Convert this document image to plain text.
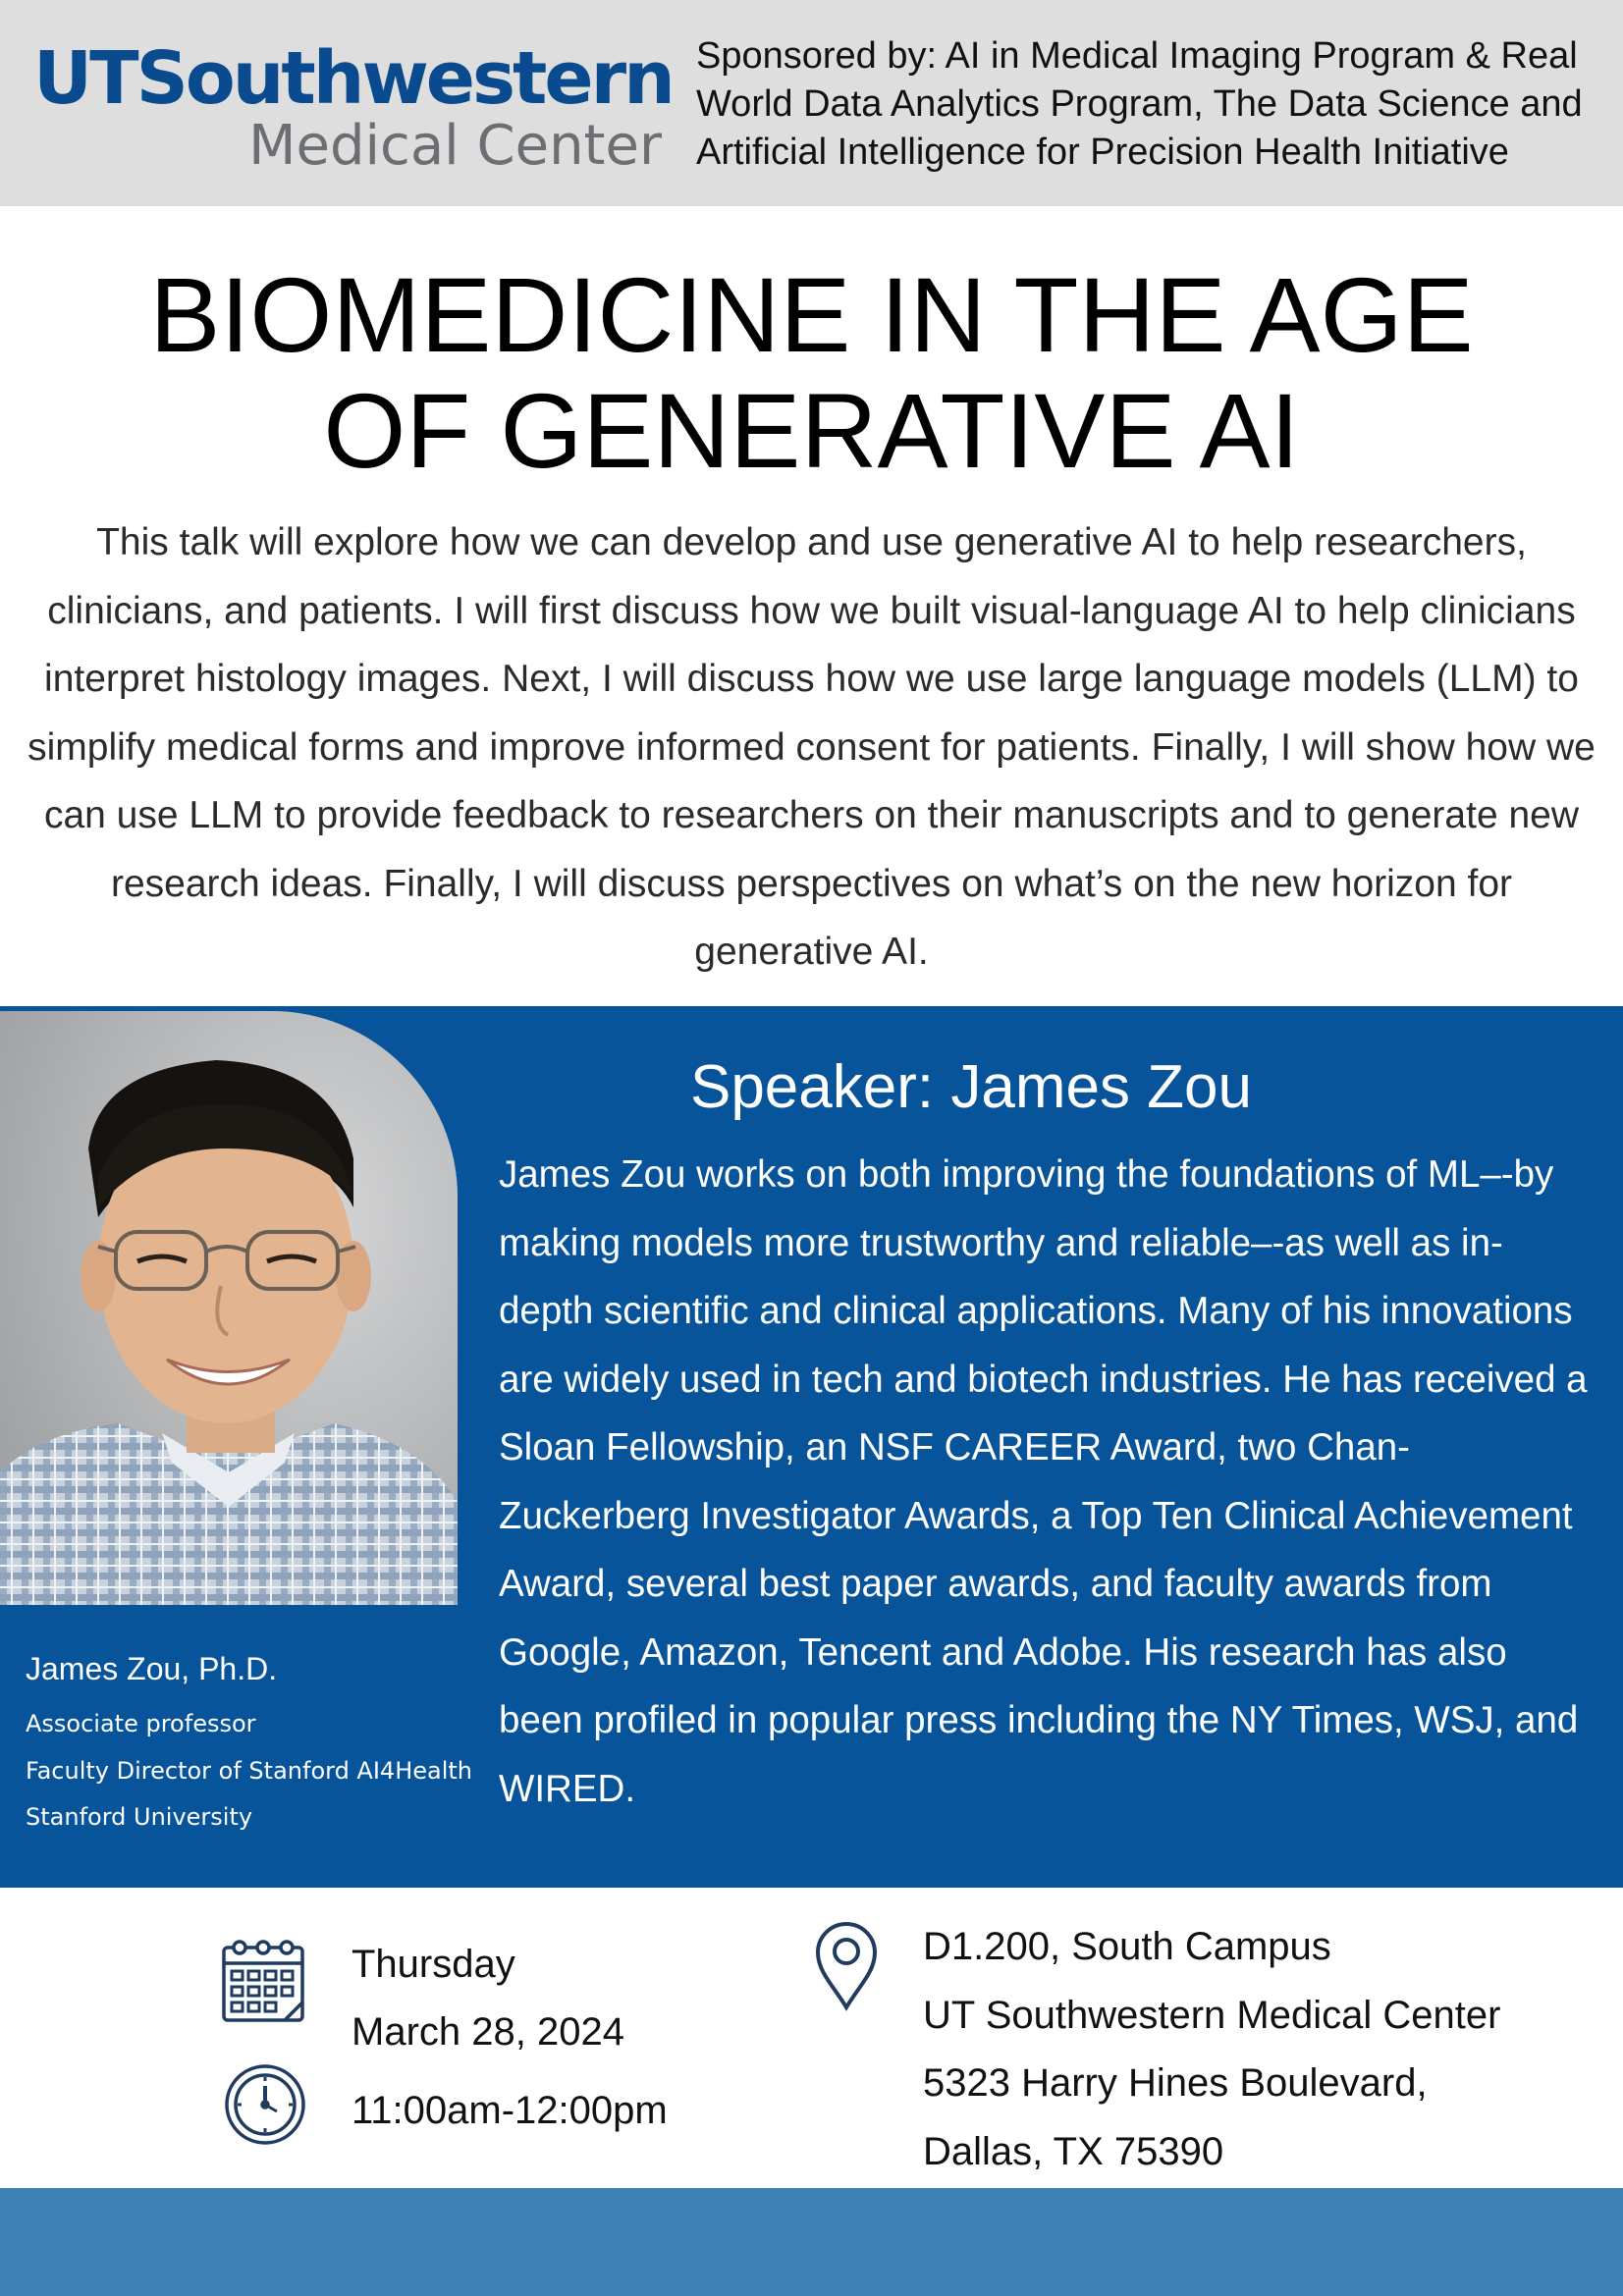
UTSouthwestern
Medical Center
Sponsored by: AI in Medical Imaging Program & Real World Data Analytics Program, The Data Science and Artificial Intelligence for Precision Health Initiative
BIOMEDICINE IN THE AGE
OF GENERATIVE AI
This talk will explore how we can develop and use generative AI to help researchers, clinicians, and patients. I will first discuss how we built visual-language AI to help clinicians interpret histology images. Next, I will discuss how we use large language models (LLM) to simplify medical forms and improve informed consent for patients. Finally, I will show how we can use LLM to provide feedback to researchers on their manuscripts and to generate new research ideas. Finally, I will discuss perspectives on what’s on the new horizon for generative AI.
Speaker: James Zou
James Zou works on both improving the foundations of ML–-by making models more trustworthy and reliable–-as well as in-depth scientific and clinical applications. Many of his innovations are widely used in tech and biotech industries. He has received a Sloan Fellowship, an NSF CAREER Award, two Chan-Zuckerberg Investigator Awards, a Top Ten Clinical Achievement Award, several best paper awards, and faculty awards from Google, Amazon, Tencent and Adobe. His research has also been profiled in popular press including the NY Times, WSJ, and WIRED.
James Zou, Ph.D.
Associate professor
Faculty Director of Stanford AI4Health
Stanford University
Thursday
March 28, 2024
11:00am-12:00pm
D1.200, South Campus
UT Southwestern Medical Center
5323 Harry Hines Boulevard,
Dallas, TX 75390
